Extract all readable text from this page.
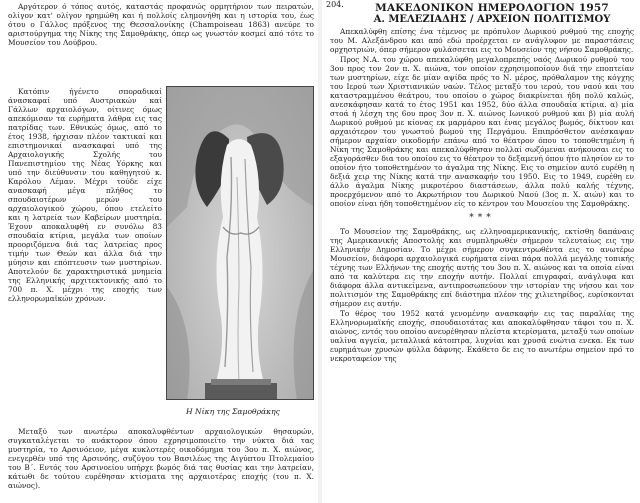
Αργότερον ό τόπος αυτός, καταστάς προφανώς ορμητήριον των πειρατών, ολίγον κατ' ολίγον ηρημώθη και ή πολλοίς ελημονήθη και η ιστορία του, έως ότου ο Γάλλος πρόξενος της Θεσσαλονίκης (Champoiseau 1863) ανεύρε το αριστούργημα της Νίκης της Σαμοθράκης, όπερ ως γνωστόν κοσμεί από τότε το Μουσείον του Λούβρου.

Κατόπιν ήγένετο σποραδικαί άνασκαφαί υπό Αυστριακών καί Γάλλων αρχαιολόγων, οίτινες όμως απεκόμισαν τα ευρήματα λάθρα εις τας πατρίδας των. Εθνικώς όμως, από το έτος 1938, ήρχισαν πλέον τακτικαί και επιστημονικαί ανασκαφαί υπό της Αρχαιολογικής Σχολής του Πανεπιστημίου της Νέας Υόρκης και υπό την διεύθυνσιν του καθηγητού κ. Καρόλου Λέμαν. Μέχρι τούδε είχε ανασκαφή μέγα πλήθος το σπουδαιοτέρων μερών του αρχαιολογικού χώρου, όπου ετελείτο και η λατρεία των Καβείρων μυστηρία. Έχουν αποκαλυφθή εν συνόλω 83 σπουδαία κτίρια, μεγάλα των οποίων προοριζόμενα διά τας λατρείας προς τιμήν των Θεών και άλλα διά την μύησιν και επόπτευσιν των μυστηρίων. Αποτελούν δε χαρακτηριστικά μνημεία της Ελληνικής αρχιτεκτονικής από το 700 π. Χ. μέχρι της εποχής των ελληνορωμαϊκών χρόνων.

Η Νίκη της Σαμοθράκης

Μεταξύ των ανωτέρω αποκαλυφθέντων αρχαιολογικών θησαυρών, συγκαταλέγεται το ανάκτορον όπου εχρησιμοποιείτο την νύκτα διά τας μυστηρία, το Αρσινόειον, μέγα κυκλοτερές οικοδόμημα του 3ου π. Χ. αιώνος, ενεγερθέν υπό της Αρσινόης, συζύγου του Βασιλέως της Αιγύπτου Πτολεμαίου του Β΄. Εντός του Αρσινοείου υπήρχε βωμός διά τας θυσίας και την λατρείαν, κάτωθι δε τούτου ευρέθησαν κτίσματα της αρχαιοτέρας εποχής (του π. Χ. αιώνος).

204.	ΜΑΚΕΔΟΝΙΚΟΝ ΗΜΕΡΟΛΟΓΙΟΝ 1957
Α. ΜΕΛΕΖΙΑΔΗΣ / ΑΡΧΕΙΟΝ ΠΟΛΙΤΙΣΜΟΥ

Απεκαλύφθη επίσης ένα τέμενος με πρόπυλον Δωρικού ρυθμού της εποχής του Μ. Αλεξάνδρου και από εδώ προέρχεται εν ανάγλυφον με παραστάσεις ορχηστριών, όπερ σήμερον φυλάσσεται εις το Μουσείον της νήσου Σαμοθράκης.

Προς Ν.Α. του χώρου απεκαλύφθη μεγαλοπρεπής ναός Δωρικού ρυθμού του 3ου προς τον 2ον π. Χ. αιώνα, τον οποίον εχρησιμοποίουν διά την εποπτείαν των μυστηρίων, είχε δε μίαν αψίδα πρός το Ν. μέρος, πρόθαλαμον της κόγχης του Ιερού των Χριστιανικών ναών. Τέλος μεταξύ του ιερού, του ναού και του καταστραμμένου θεάτρου, του οποίου ο χώρος διακρίνεται ήδη πολύ καλώς, ανεσκάφησαν κατά το έτος 1951 και 1952, δύο άλλα σπουδαία κτίρια. α) μία στοά ή λέσχη της 6ου προς 3ον π. Χ. αιώνος Ιωνικού ρυθμού και β) μία αυλή Δωρικού ρυθμού με κίονας εκ μαρμάρου και ένας μεγάλος βωμός, δίκτυον και αρχαιότερον του γνωστού βωμού της Περγάμου. Επιπρόσθετον ανέσκαψαν σήμερον αρχαίαν οικοδομήν επάνω από το θέατρον όπου το τοποθετημένη ή Νίκη της Σαμοθράκης και απεκαλύφθησαν πολλαί σωζόμεναι ανήκουσαι εις το εξαγοράσθεν δια του οποίου εις το θέατρον το δεξαμενή όπου ήτο πλησίον εν το οποίον ήτο τοποθετημένον το άγαλμα της Νίκης. Εις το σημείον αυτό ευρέθη η δεξιά χειρ της Νίκης κατά την ανασκαφήν του 1950. Εις το 1949, ευρέθη εν άλλο άγαλμα Νίκης μικροτέρου διαστάσεων, άλλα πολύ καλής τέχνης, προερχόμενον από το Ακρωτήριον του Δωρικού Ναού (3ος π. Χ. αιών) και το οποίον είναι ήδη τοποθετημένον είς το κέντρον του Μουσείου της Σαμοθράκης.

***

Το Μουσείον της Σαμοθράκης, ως ελληνοαμερικανικής, εκτίσθη δαπάναις της Αμερικανικής Αποστολής και συμπληρωθέν σήμερον τελευταίως εις την Ελληνικήν Δημοσίαν. Το μέχρι σήμερον συγκεντρωθέντα εις το ανωτέρω Μουσείον, διάφορα αρχαιολογικά ευρήματα είναι πάρα πολλά μεγάλης τοπικής τέχνης των Ελλήνων της εποχής αυτής του 3ου π. Χ. αιώνος και τα οποία είναι από τα καλύτερα εις την εποχήν αυτήν. Πολλαί επιγραφαί, ανάγλυφα και διάφορα άλλα αντικείμενα, αντιπροσωπεύουν την ιστορίαν της νήσου και τον πολιτισμόν της Σαμοθράκης επί διάστημα πλέον της χιλιετηρίδος, ευρίσκονται σήμερον εις αυτήν.

Το θέρος του 1952 κατά γενομένην ανασκαφήν εις τας παραλίας της Ελληνορωμαϊκής εποχής, σπουδαιοτάτας και αποκαλύφθησαν τάφοι του π. Χ. αιώνος, εντός του οποίου ανευρέθησαν πλείστα κτερίσματα, μεταξύ των οποίων υαλίνα αγγεία, μεταλλικά κάτοπτρα, λυχνίαι και χρυσά ενώτια ενεκα. Εκ των ευρημάτων χρυσών φύλλα δάφνης. Εκάθετο δε εις το ανωτέρω σημείον πρό το νεκροταφείον της
